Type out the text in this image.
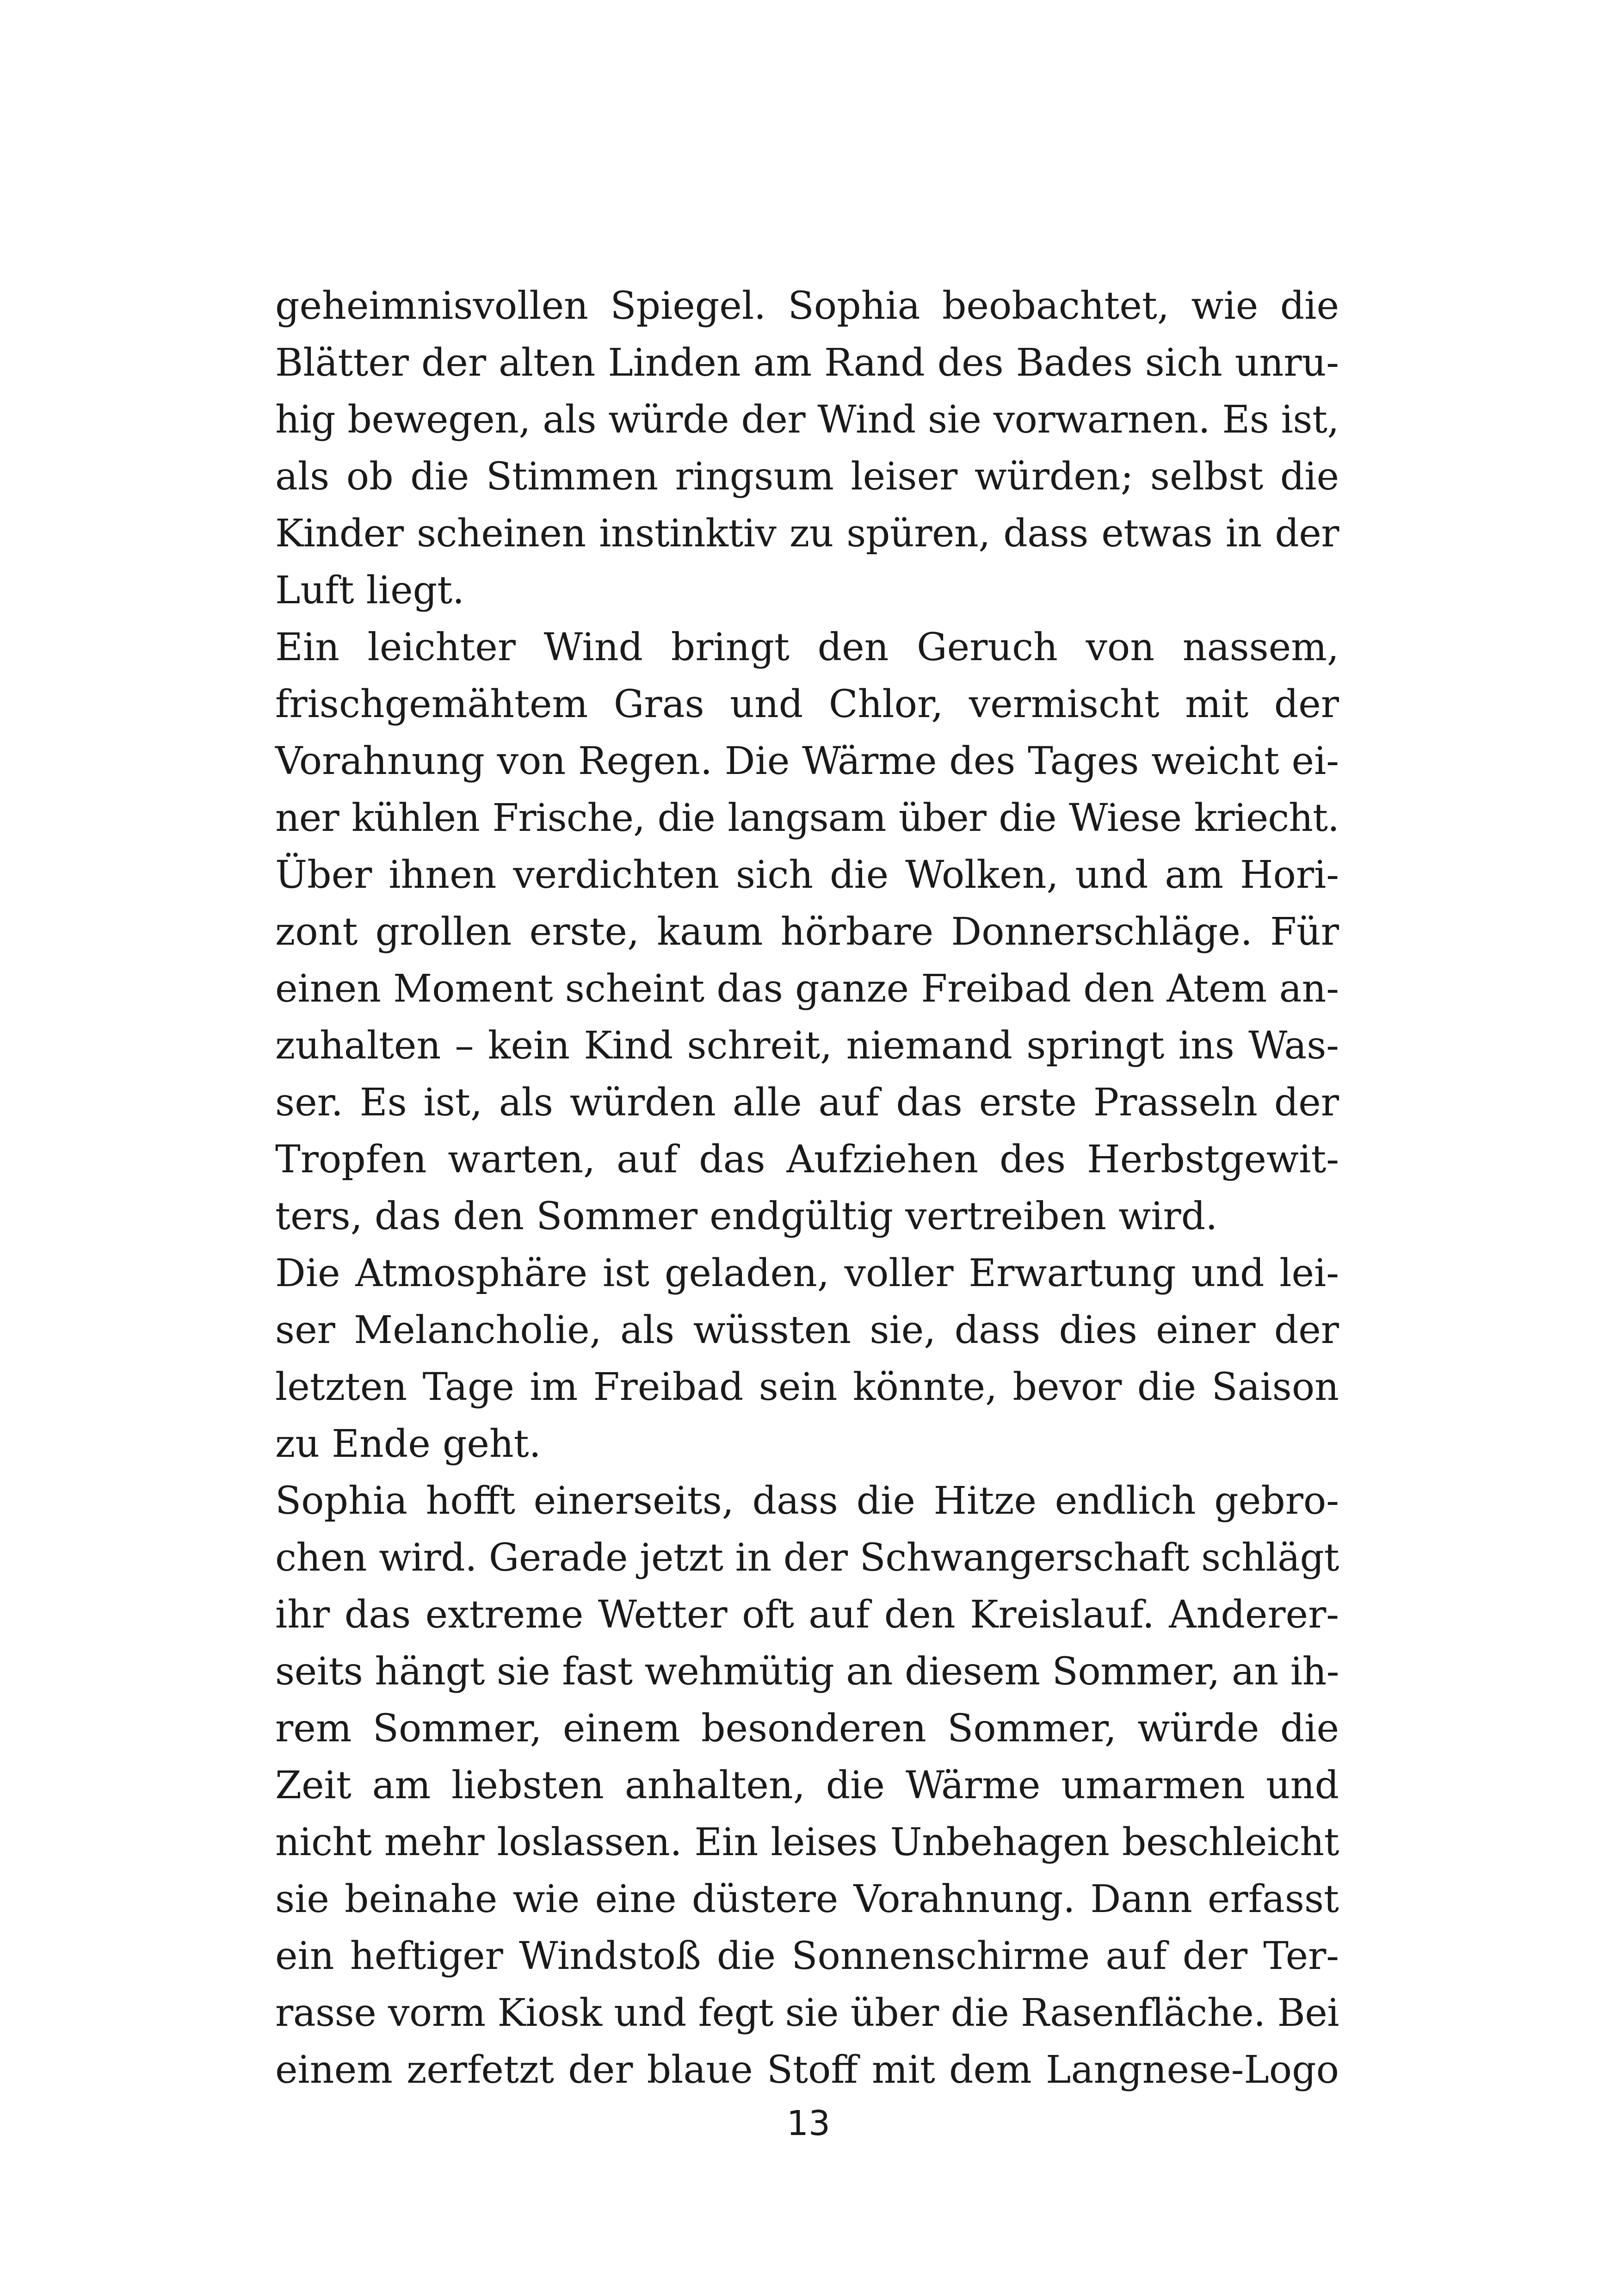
geheimnisvollen Spiegel. Sophia beobachtet, wie die
Blätter der alten Linden am Rand des Bades sich unru-
hig bewegen, als würde der Wind sie vorwarnen. Es ist,
als ob die Stimmen ringsum leiser würden; selbst die
Kinder scheinen instinktiv zu spüren, dass etwas in der
Luft liegt.
Ein leichter Wind bringt den Geruch von nassem,
frischgemähtem Gras und Chlor, vermischt mit der
Vorahnung von Regen. Die Wärme des Tages weicht ei-
ner kühlen Frische, die langsam über die Wiese kriecht.
Über ihnen verdichten sich die Wolken, und am Hori-
zont grollen erste, kaum hörbare Donnerschläge. Für
einen Moment scheint das ganze Freibad den Atem an-
zuhalten – kein Kind schreit, niemand springt ins Was-
ser. Es ist, als würden alle auf das erste Prasseln der
Tropfen warten, auf das Aufziehen des Herbstgewit-
ters, das den Sommer endgültig vertreiben wird.
Die Atmosphäre ist geladen, voller Erwartung und lei-
ser Melancholie, als wüssten sie, dass dies einer der
letzten Tage im Freibad sein könnte, bevor die Saison
zu Ende geht.
Sophia hofft einerseits, dass die Hitze endlich gebro-
chen wird. Gerade jetzt in der Schwangerschaft schlägt
ihr das extreme Wetter oft auf den Kreislauf. Anderer-
seits hängt sie fast wehmütig an diesem Sommer, an ih-
rem Sommer, einem besonderen Sommer, würde die
Zeit am liebsten anhalten, die Wärme umarmen und
nicht mehr loslassen. Ein leises Unbehagen beschleicht
sie beinahe wie eine düstere Vorahnung. Dann erfasst
ein heftiger Windstoß die Sonnenschirme auf der Ter-
rasse vorm Kiosk und fegt sie über die Rasenfläche. Bei
einem zerfetzt der blaue Stoff mit dem Langnese-Logo
13
